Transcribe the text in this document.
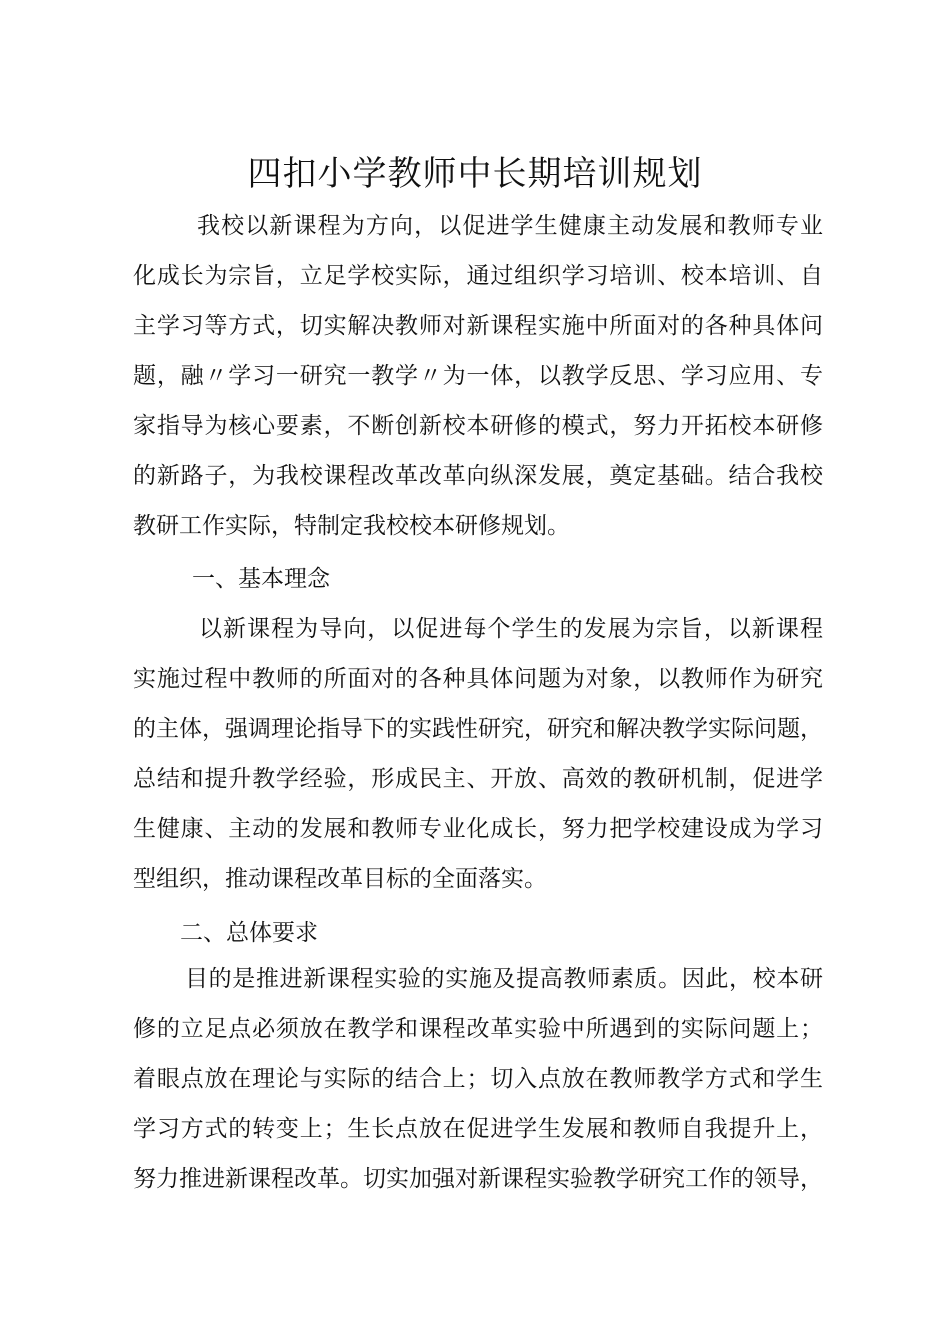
四扣小学教师中长期培训规划
我校以新课程为方向，以促进学生健康主动发展和教师专业
化成长为宗旨，立足学校实际，通过组织学习培训、校本培训、自
主学习等方式，切实解决教师对新课程实施中所面对的各种具体问
题，融〃学习一研究一教学〃为一体，以教学反思、学习应用、专
家指导为核心要素，不断创新校本研修的模式，努力开拓校本研修
的新路子，为我校课程改革改革向纵深发展，奠定基础。结合我校
教研工作实际，特制定我校校本研修规划。
一、基本理念
以新课程为导向，以促进每个学生的发展为宗旨，以新课程
实施过程中教师的所面对的各种具体问题为对象，以教师作为研究
的主体，强调理论指导下的实践性研究，研究和解决教学实际问题，
总结和提升教学经验，形成民主、开放、高效的教研机制，促进学
生健康、主动的发展和教师专业化成长，努力把学校建设成为学习
型组织，推动课程改革目标的全面落实。
二、总体要求
目的是推进新课程实验的实施及提高教师素质。因此，校本研
修的立足点必须放在教学和课程改革实验中所遇到的实际问题上；
着眼点放在理论与实际的结合上；切入点放在教师教学方式和学生
学习方式的转变上；生长点放在促进学生发展和教师自我提升上，
努力推进新课程改革。切实加强对新课程实验教学研究工作的领导，
